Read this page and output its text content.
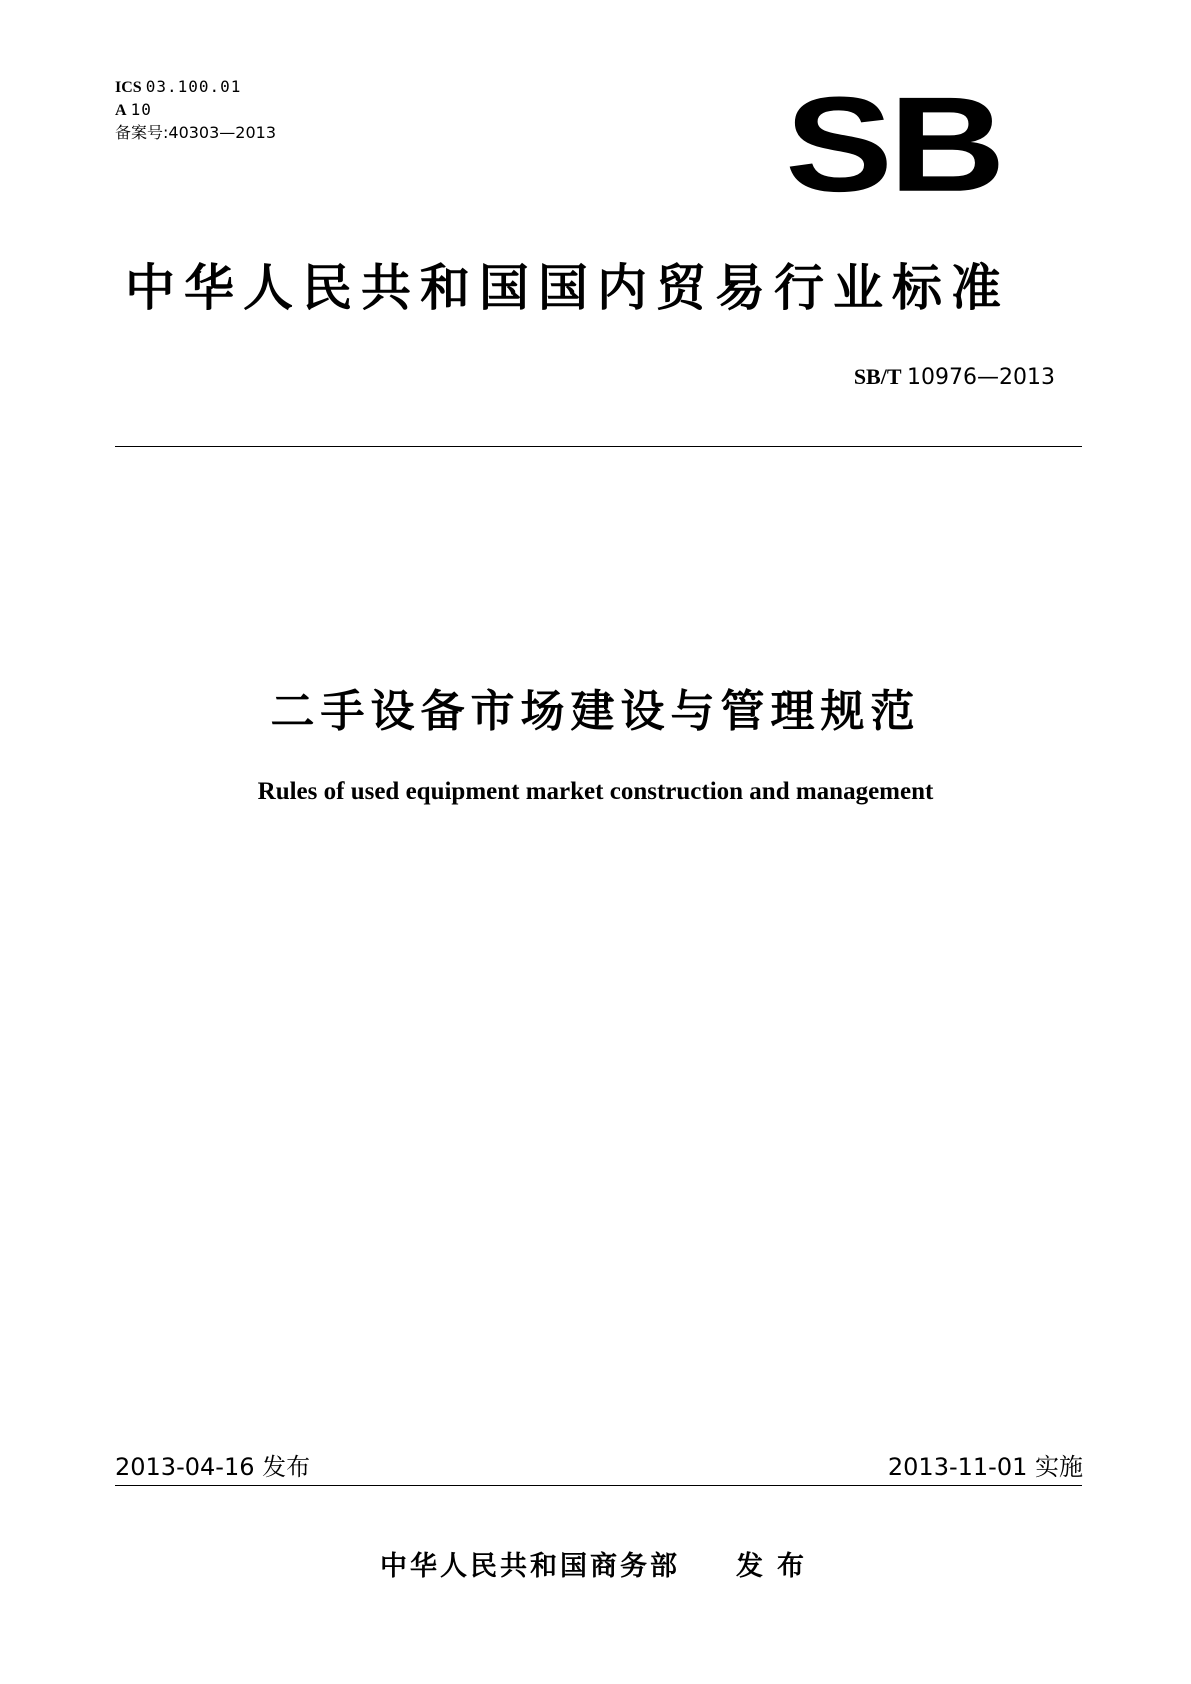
ICS 03.100.01
A 10
备案号:40303—2013	SB
中华人民共和国国内贸易行业标准
SB/T 10976—2013
二手设备市场建设与管理规范
Rules of used equipment market construction and management
2013-04-16 发布	2013-11-01 实施
中华人民共和国商务部 发布
